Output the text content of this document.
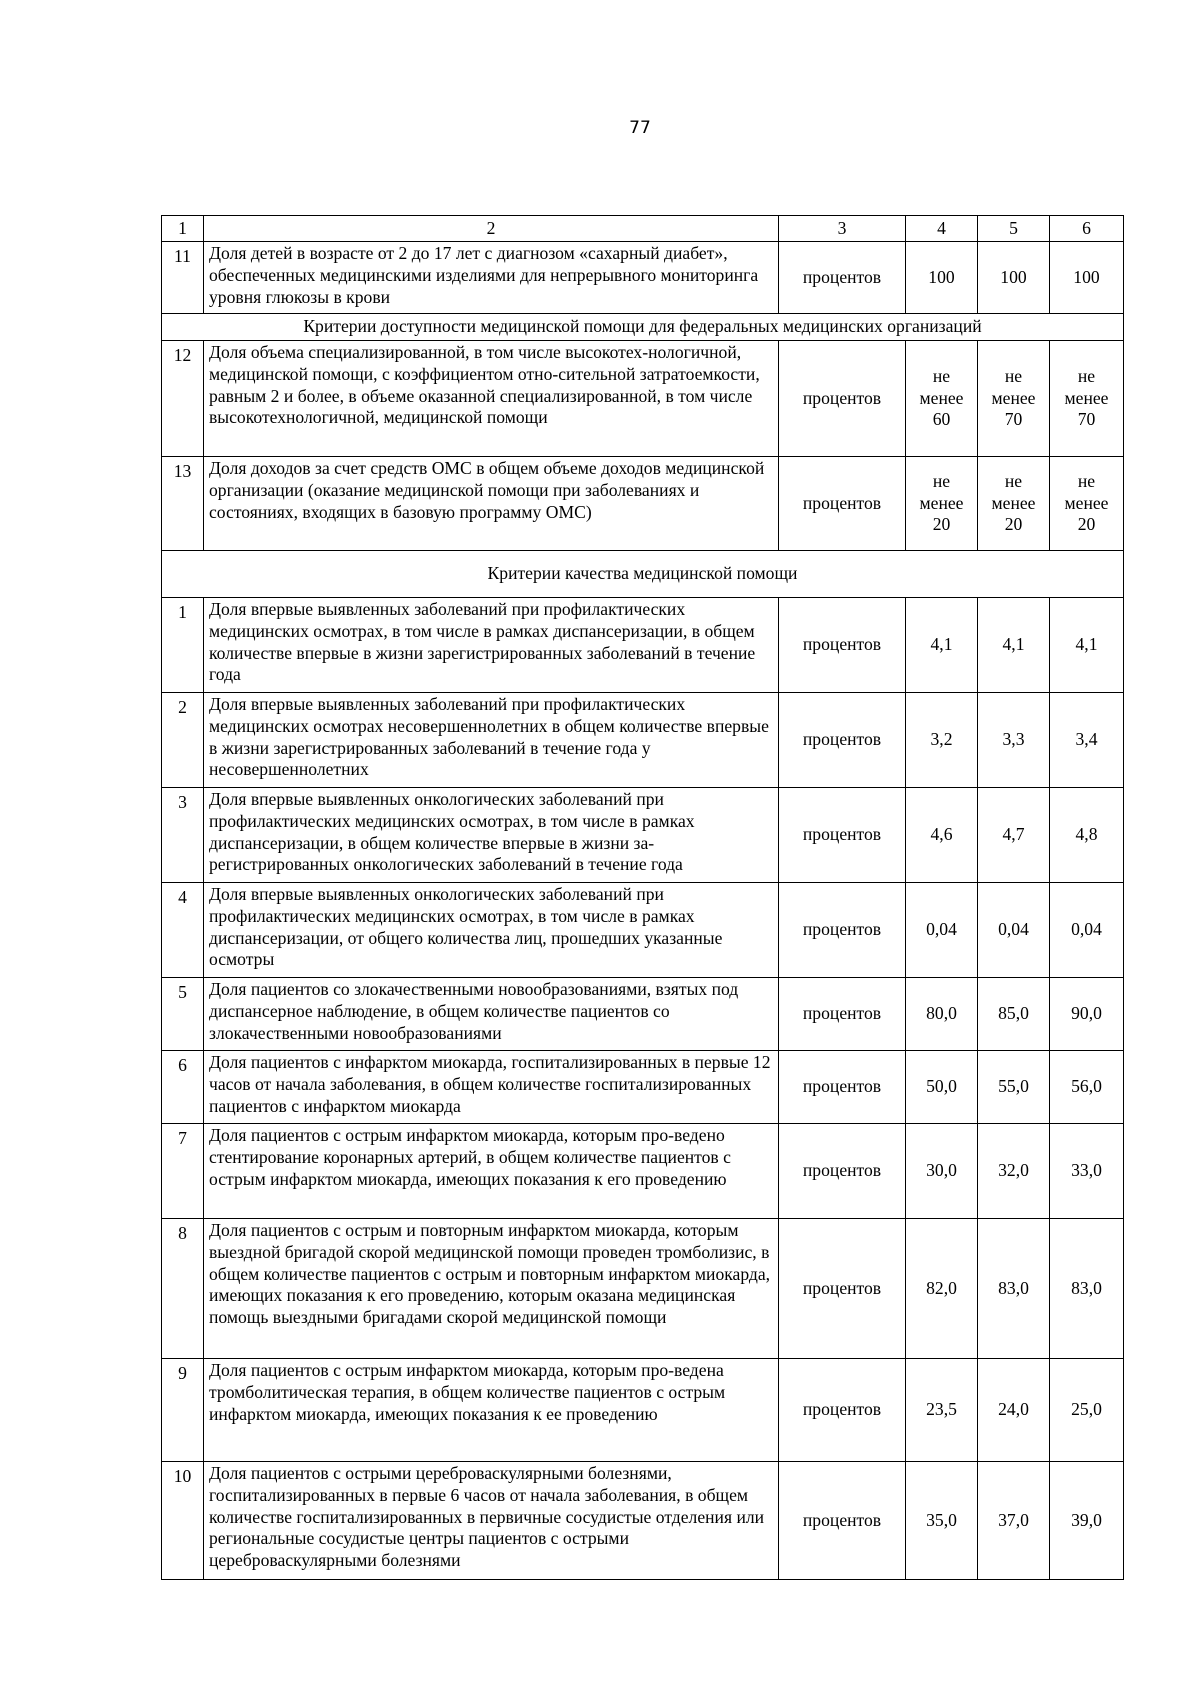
77
1	2	3	4	5	6
11	Доля детей в возрасте от 2 до 17 лет с диагнозом «сахарный диабет», обеспеченных медицинскими изделиями для непрерывного мониторинга уровня глюкозы в крови	процентов	100	100	100
Критерии доступности медицинской помощи для федеральных медицинских организаций					
12	Доля объема специализированной, в том числе высокотех-нологичной, медицинской помощи, с коэффициентом отно-сительной затратоемкости, равным 2 и более, в объеме оказанной специализированной, в том числе высокотехнологичной, медицинской помощи	процентов	не менее 60	не менее 70	не менее 70
13	Доля доходов за счет средств ОМС в общем объеме доходов медицинской организации (оказание медицинской помощи при заболеваниях и состояниях, входящих в базовую программу ОМС)	процентов	не менее 20	не менее 20	не менее 20
Критерии качества медицинской помощи					
1	Доля впервые выявленных заболеваний при профилактических медицинских осмотрах, в том числе в рамках диспансеризации, в общем количестве впервые в жизни зарегистрированных заболеваний в течение года	процентов	4,1	4,1	4,1
2	Доля впервые выявленных заболеваний при профилактических медицинских осмотрах несовершеннолетних в общем количестве впервые в жизни зарегистрированных заболеваний в течение года у несовершеннолетних	процентов	3,2	3,3	3,4
3	Доля впервые выявленных онкологических заболеваний при профилактических медицинских осмотрах, в том числе в рамках диспансеризации, в общем количестве впервые в жизни за-регистрированных онкологических заболеваний в течение года	процентов	4,6	4,7	4,8
4	Доля впервые выявленных онкологических заболеваний при профилактических медицинских осмотрах, в том числе в рамках диспансеризации, от общего количества лиц, прошедших указанные осмотры	процентов	0,04	0,04	0,04
5	Доля пациентов со злокачественными новообразованиями, взятых под диспансерное наблюдение, в общем количестве пациентов со злокачественными новообразованиями	процентов	80,0	85,0	90,0
6	Доля пациентов с инфарктом миокарда, госпитализированных в первые 12 часов от начала заболевания, в общем количестве госпитализированных пациентов с инфарктом миокарда	процентов	50,0	55,0	56,0
7	Доля пациентов с острым инфарктом миокарда, которым про-ведено стентирование коронарных артерий, в общем количестве пациентов с острым инфарктом миокарда, имеющих показания к его проведению	процентов	30,0	32,0	33,0
8	Доля пациентов с острым и повторным инфарктом миокарда, которым выездной бригадой скорой медицинской помощи проведен тромболизис, в общем количестве пациентов с острым и повторным инфарктом миокарда, имеющих показания к его проведению, которым оказана медицинская помощь выездными бригадами скорой медицинской помощи	процентов	82,0	83,0	83,0
9	Доля пациентов с острым инфарктом миокарда, которым про-ведена тромболитическая терапия, в общем количестве пациентов с острым инфарктом миокарда, имеющих показания к ее проведению	процентов	23,5	24,0	25,0
10	Доля пациентов с острыми цереброваскулярными болезнями, госпитализированных в первые 6 часов от начала заболевания, в общем количестве госпитализированных в первичные сосудистые отделения или региональные сосудистые центры пациентов с острыми цереброваскулярными болезнями	процентов	35,0	37,0	39,0
